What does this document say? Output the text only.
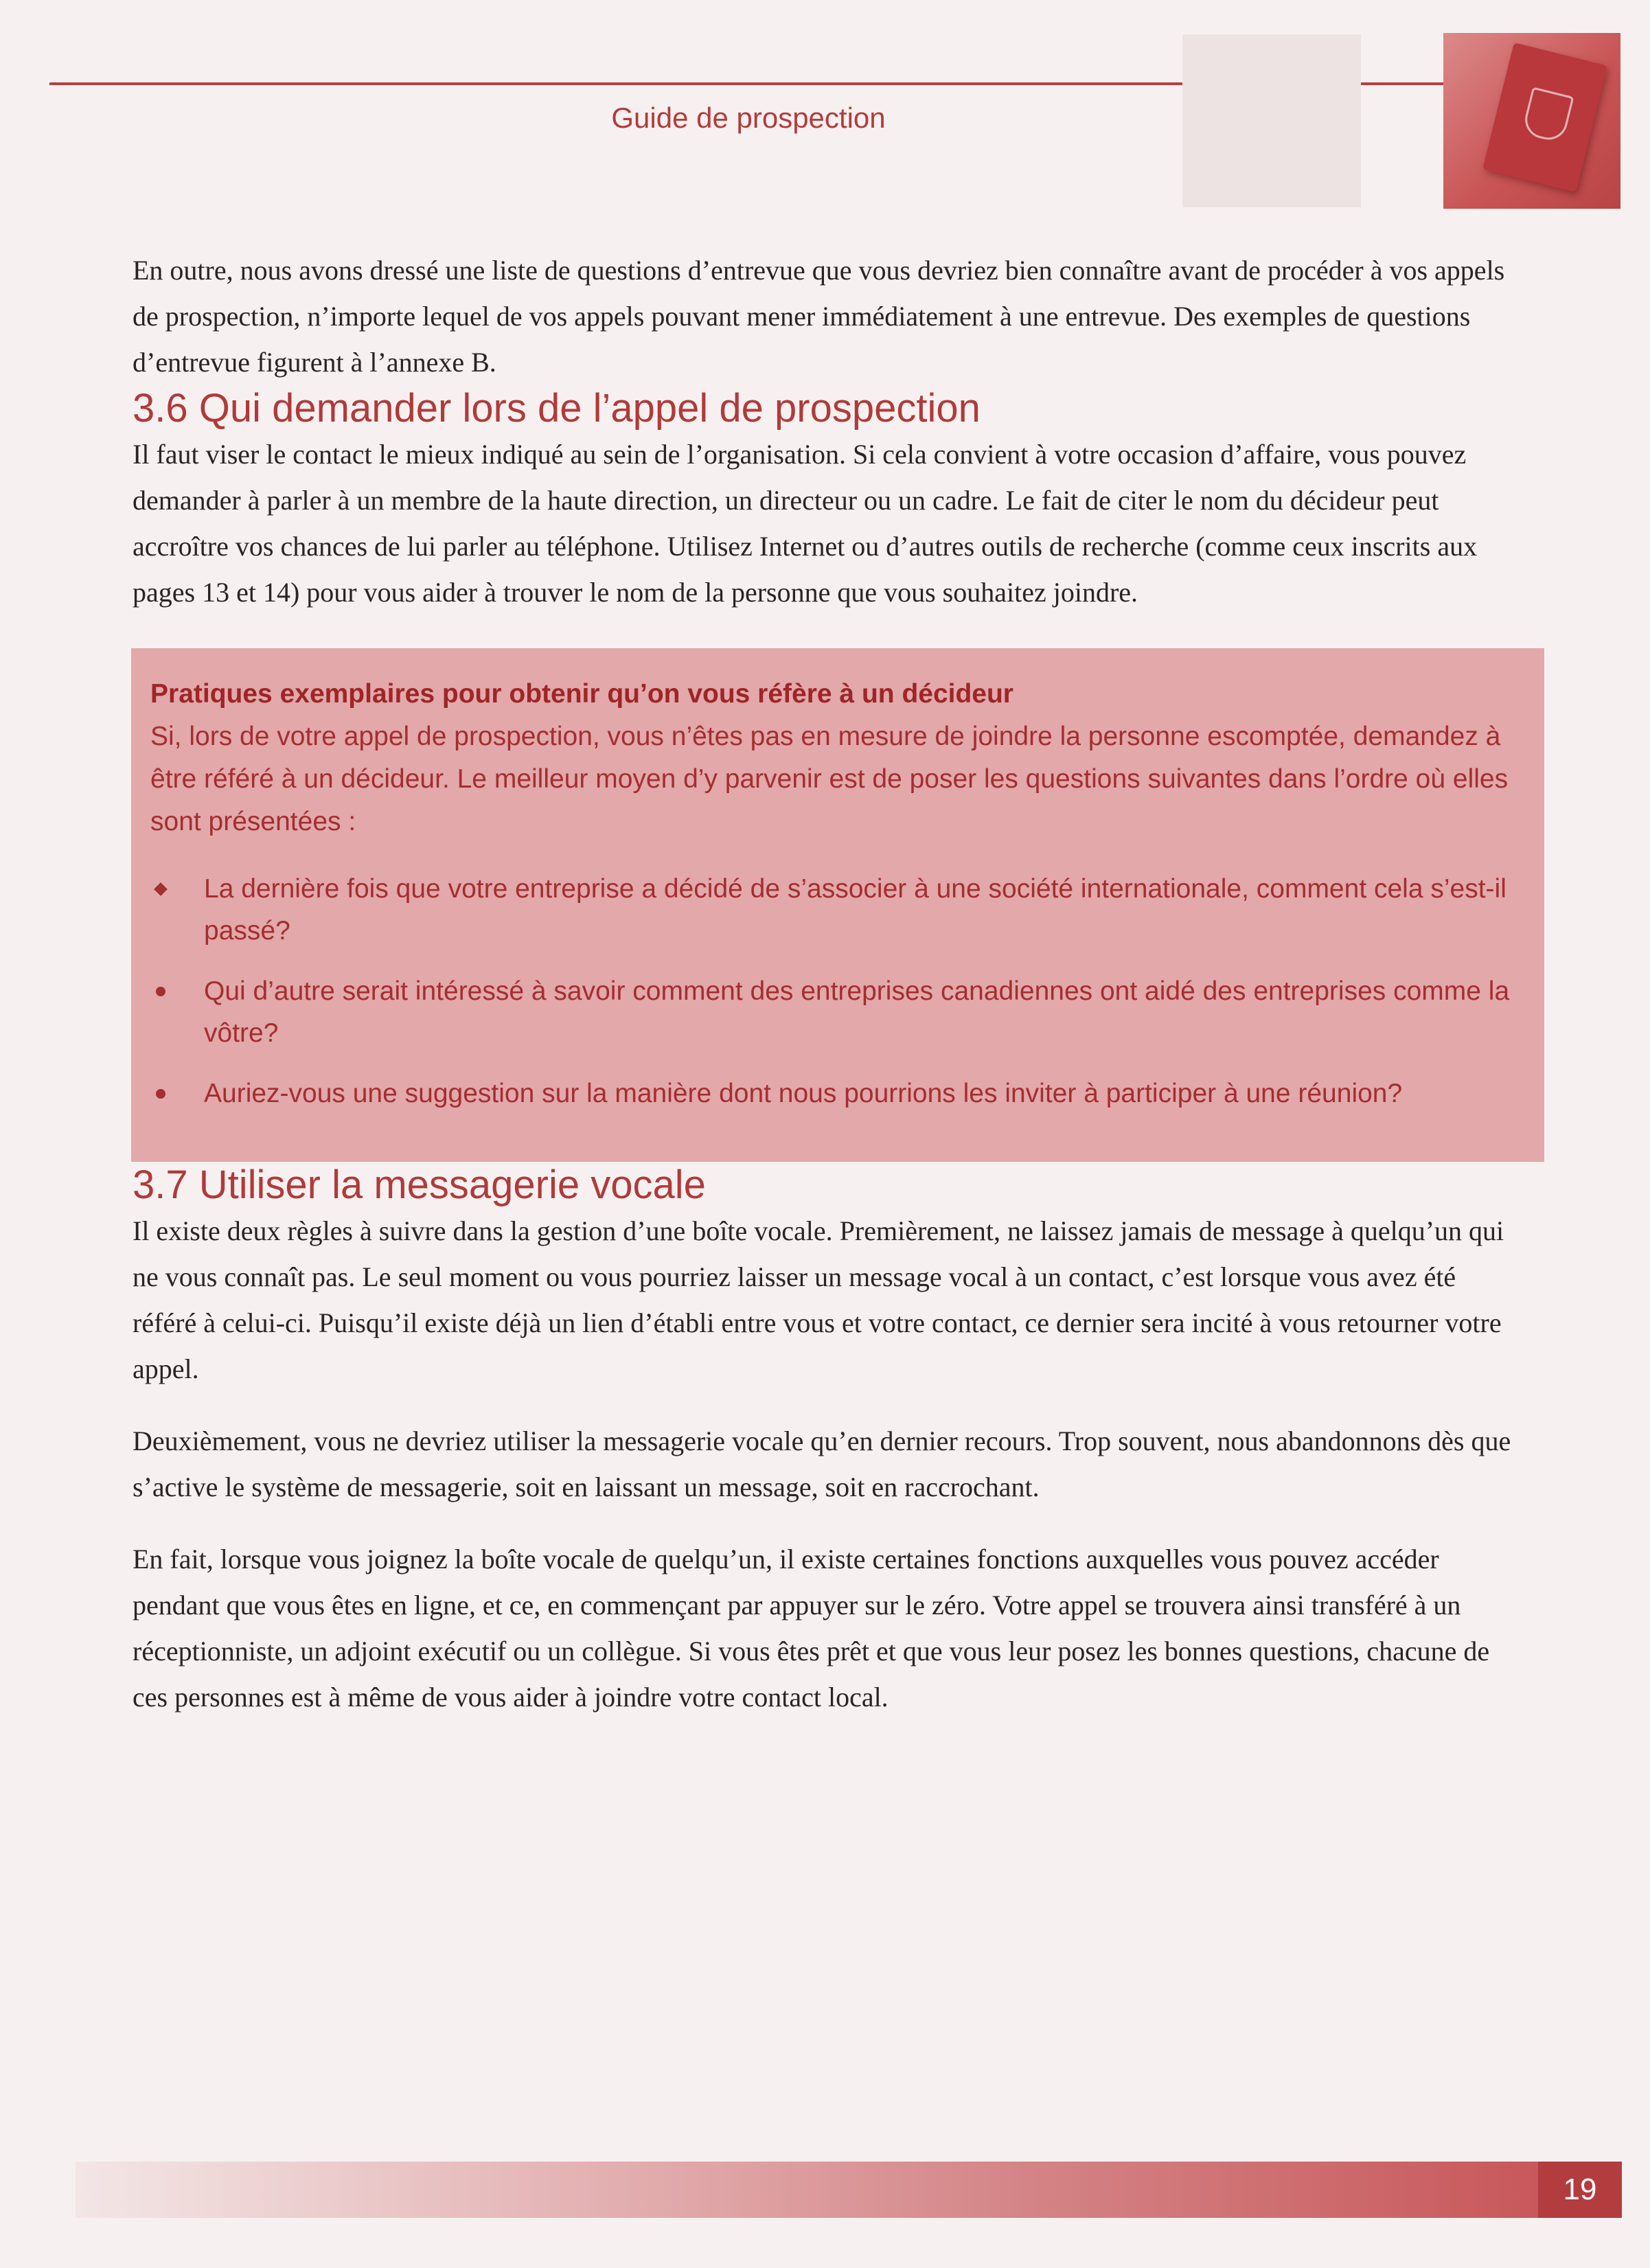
Guide de prospection

En outre, nous avons dressé une liste de questions d’entrevue que vous devriez bien connaître avant de procéder à vos appels de prospection, n’importe lequel de vos appels pouvant mener immédiatement à une entrevue. Des exemples de questions d’entrevue figurent à l’annexe B.

3.6 Qui demander lors de l’appel de prospection

Il faut viser le contact le mieux indiqué au sein de l’organisation. Si cela convient à votre occasion d’affaire, vous pouvez demander à parler à un membre de la haute direction, un directeur ou un cadre. Le fait de citer le nom du décideur peut accroître vos chances de lui parler au téléphone. Utilisez Internet ou d’autres outils de recherche (comme ceux inscrits aux pages 13 et 14) pour vous aider à trouver le nom de la personne que vous souhaitez joindre.

Pratiques exemplaires pour obtenir qu’on vous réfère à un décideur

Si, lors de votre appel de prospection, vous n’êtes pas en mesure de joindre la personne escomptée, demandez à être référé à un décideur. Le meilleur moyen d’y parvenir est de poser les questions suivantes dans l’ordre où elles sont présentées :

La dernière fois que votre entreprise a décidé de s’associer à une société internationale, comment cela s’est-il passé?
Qui d’autre serait intéressé à savoir comment des entreprises canadiennes ont aidé des entreprises comme la vôtre?
Auriez-vous une suggestion sur la manière dont nous pourrions les inviter à participer à une réunion?
3.7 Utiliser la messagerie vocale

Il existe deux règles à suivre dans la gestion d’une boîte vocale. Premièrement, ne laissez jamais de message à quelqu’un qui ne vous connaît pas. Le seul moment ou vous pourriez laisser un message vocal à un contact, c’est lorsque vous avez été référé à celui-ci. Puisqu’il existe déjà un lien d’établi entre vous et votre contact, ce dernier sera incité à vous retourner votre appel.

Deuxièmement, vous ne devriez utiliser la messagerie vocale qu’en dernier recours. Trop souvent, nous abandonnons dès que s’active le système de messagerie, soit en laissant un message, soit en raccrochant.

En fait, lorsque vous joignez la boîte vocale de quelqu’un, il existe certaines fonctions auxquelles vous pouvez accéder pendant que vous êtes en ligne, et ce, en commençant par appuyer sur le zéro. Votre appel se trouvera ainsi transféré à un réceptionniste, un adjoint exécutif ou un collègue. Si vous êtes prêt et que vous leur posez les bonnes questions, chacune de ces personnes est à même de vous aider à joindre votre contact local.

19
